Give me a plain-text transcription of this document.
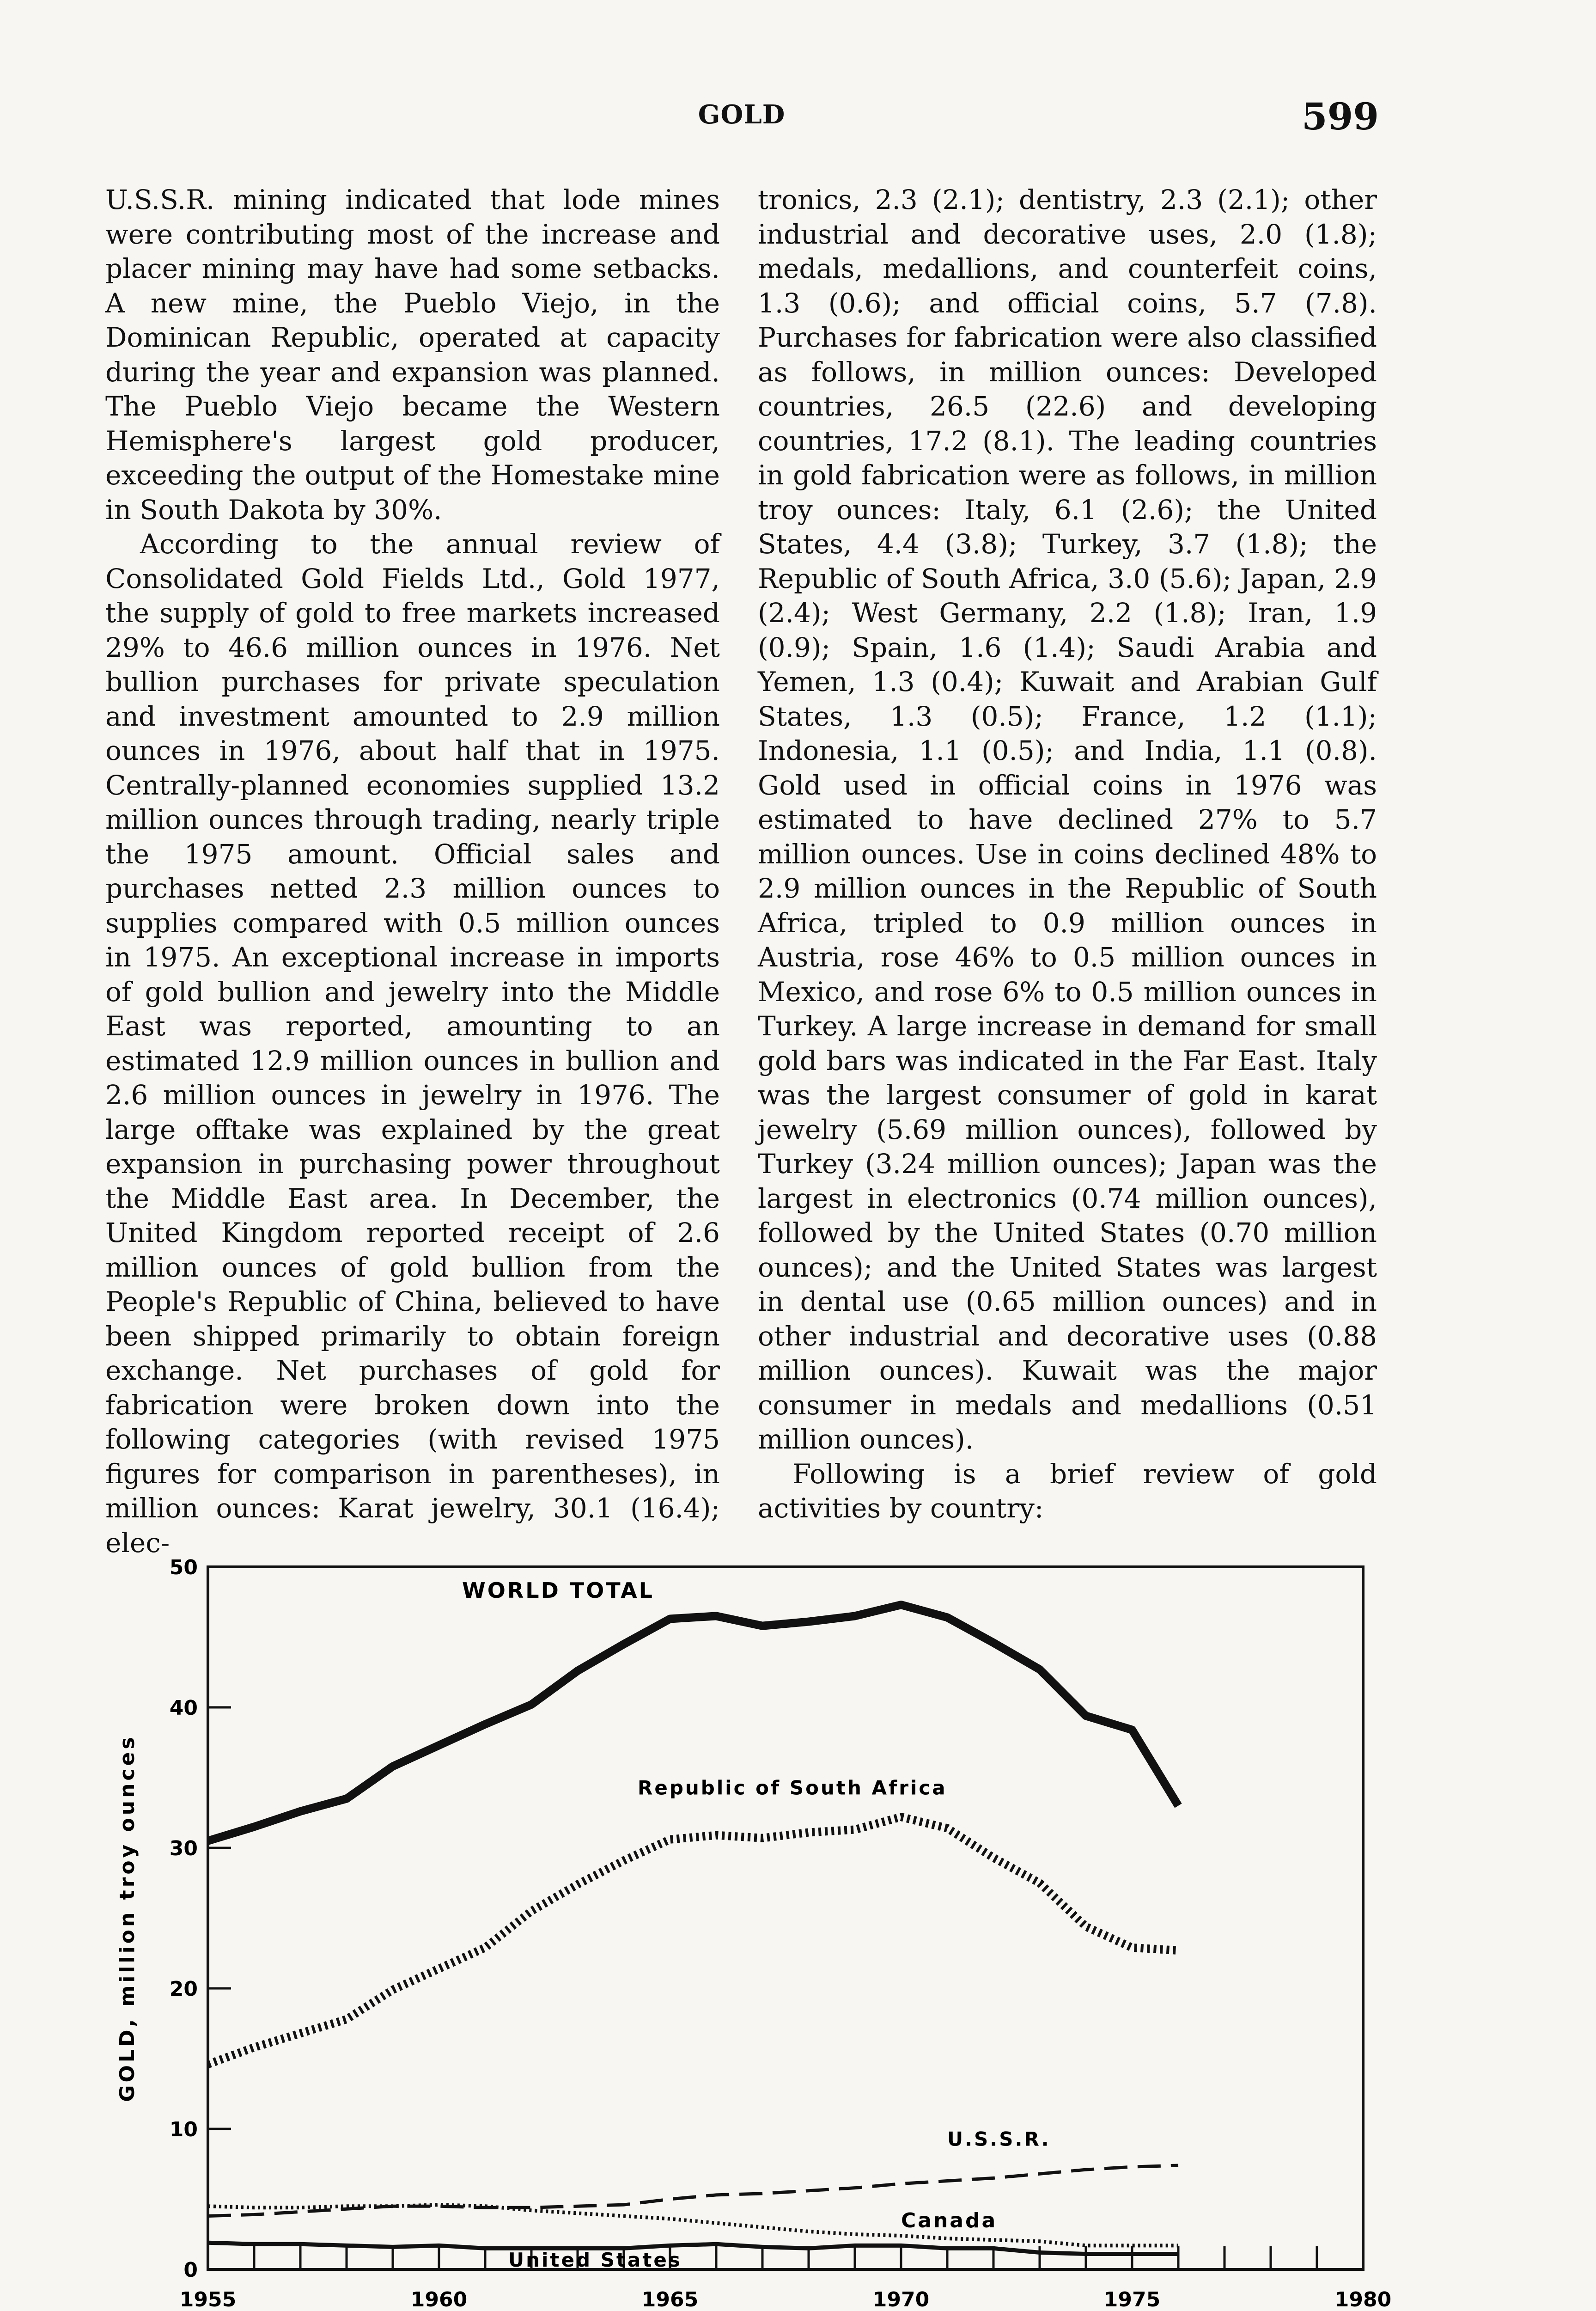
GOLD	599

U.S.S.R. mining indicated that lode mines were contributing most of the increase and placer mining may have had some setbacks. A new mine, the Pueblo Viejo, in the Dominican Republic, operated at capacity during the year and expansion was planned. The Pueblo Viejo became the Western Hemisphere's largest gold producer, exceeding the output of the Homestake mine in South Dakota by 30%.

According to the annual review of Consolidated Gold Fields Ltd., Gold 1977, the supply of gold to free markets increased 29% to 46.6 million ounces in 1976. Net bullion purchases for private speculation and investment amounted to 2.9 million ounces in 1976, about half that in 1975. Centrally-planned economies supplied 13.2 million ounces through trading, nearly triple the 1975 amount. Official sales and purchases netted 2.3 million ounces to supplies compared with 0.5 million ounces in 1975. An exceptional increase in imports of gold bullion and jewelry into the Middle East was reported, amounting to an estimated 12.9 million ounces in bullion and 2.6 million ounces in jewelry in 1976. The large offtake was explained by the great expansion in purchasing power throughout the Middle East area. In December, the United Kingdom reported receipt of 2.6 million ounces of gold bullion from the People's Republic of China, believed to have been shipped primarily to obtain foreign exchange. Net purchases of gold for fabrication were broken down into the following categories (with revised 1975 figures for comparison in parentheses), in million ounces: Karat jewelry, 30.1 (16.4); elec-

tronics, 2.3 (2.1); dentistry, 2.3 (2.1); other industrial and decorative uses, 2.0 (1.8); medals, medallions, and counterfeit coins, 1.3 (0.6); and official coins, 5.7 (7.8). Purchases for fabrication were also classified as follows, in million ounces: Developed countries, 26.5 (22.6) and developing countries, 17.2 (8.1). The leading countries in gold fabrication were as follows, in million troy ounces: Italy, 6.1 (2.6); the United States, 4.4 (3.8); Turkey, 3.7 (1.8); the Republic of South Africa, 3.0 (5.6); Japan, 2.9 (2.4); West Germany, 2.2 (1.8); Iran, 1.9 (0.9); Spain, 1.6 (1.4); Saudi Arabia and Yemen, 1.3 (0.4); Kuwait and Arabian Gulf States, 1.3 (0.5); France, 1.2 (1.1); Indonesia, 1.1 (0.5); and India, 1.1 (0.8). Gold used in official coins in 1976 was estimated to have declined 27% to 5.7 million ounces. Use in coins declined 48% to 2.9 million ounces in the Republic of South Africa, tripled to 0.9 million ounces in Austria, rose 46% to 0.5 million ounces in Mexico, and rose 6% to 0.5 million ounces in Turkey. A large increase in demand for small gold bars was indicated in the Far East. Italy was the largest consumer of gold in karat jewelry (5.69 million ounces), followed by Turkey (3.24 million ounces); Japan was the largest in electronics (0.74 million ounces), followed by the United States (0.70 million ounces); and the United States was largest in dental use (0.65 million ounces) and in other industrial and decorative uses (0.88 million ounces). Kuwait was the major consumer in medals and medallions (0.51 million ounces).

Following is a brief review of gold activities by country:

0
10
20
30
40
50
1955	1960	1965	1970	1975	1980
GOLD, million troy ounces
WORLD TOTAL
Republic of South Africa
U.S.S.R.
Canada
United States
